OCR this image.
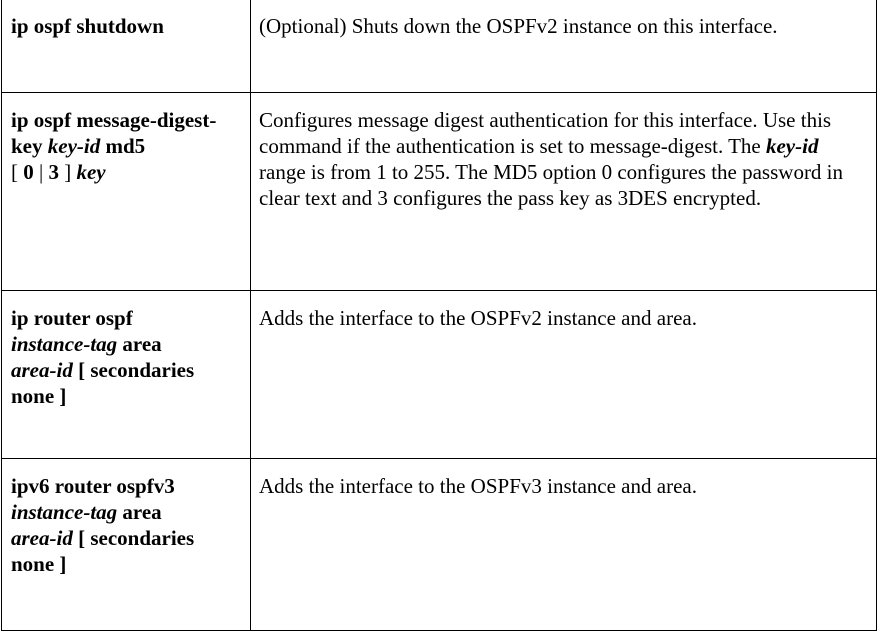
ip ospf shutdown	(Optional) Shuts down the OSPFv2 instance on this interface.

ip ospf message-digest-key key-id md5
[ 0 | 3 ] key	Configures message digest authentication for this interface. Use this command if the authentication is set to message-digest. The key-id range is from 1 to 255. The MD5 option 0 configures the password in clear text and 3 configures the pass key as 3DES encrypted.

ip router ospf
instance-tag area
area-id [ secondaries none ]	Adds the interface to the OSPFv2 instance and area.

ipv6 router ospfv3
instance-tag area
area-id [ secondaries none ]	Adds the interface to the OSPFv3 instance and area.
